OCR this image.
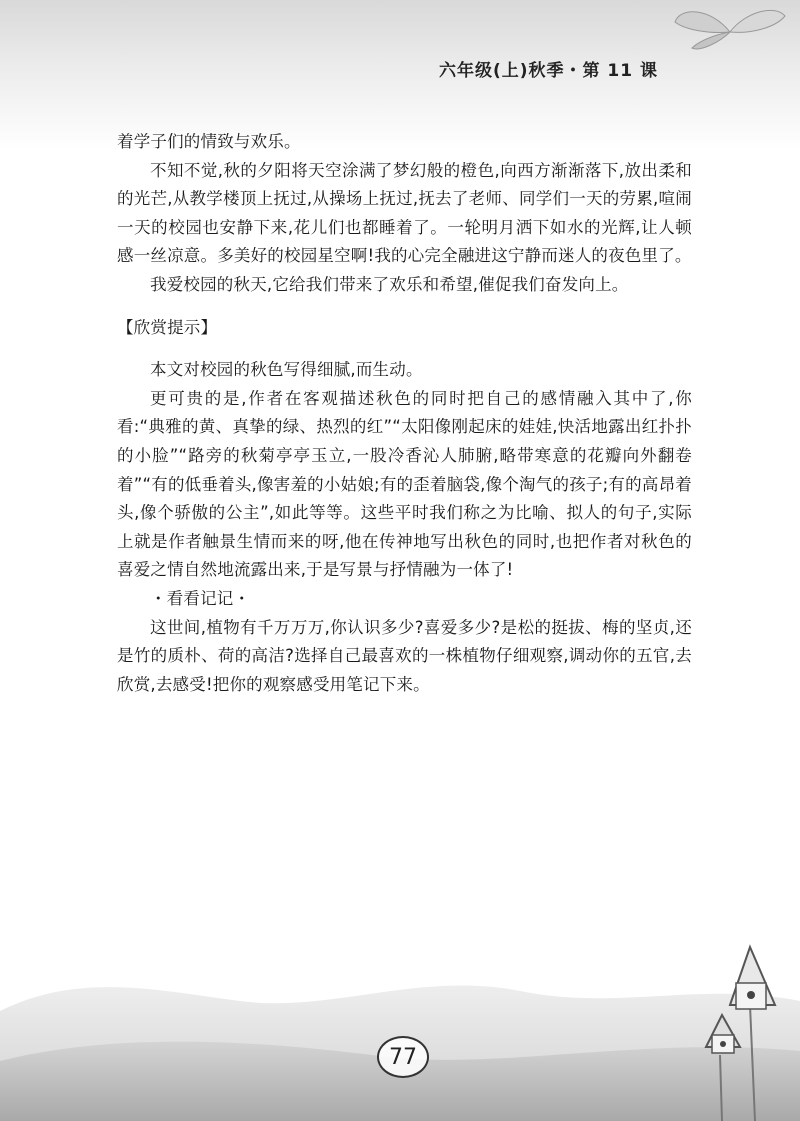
六年级(上)秋季・第 11 课

着学子们的情致与欢乐。

不知不觉,秋的夕阳将天空涂满了梦幻般的橙色,向西方渐渐落下,放出柔和的光芒,从教学楼顶上抚过,从操场上抚过,抚去了老师、同学们一天的劳累,喧闹一天的校园也安静下来,花儿们也都睡着了。一轮明月洒下如水的光辉,让人顿感一丝凉意。多美好的校园星空啊!我的心完全融进这宁静而迷人的夜色里了。

我爱校园的秋天,它给我们带来了欢乐和希望,催促我们奋发向上。

【欣赏提示】

本文对校园的秋色写得细腻,而生动。

更可贵的是,作者在客观描述秋色的同时把自己的感情融入其中了,你看:“典雅的黄、真挚的绿、热烈的红”“太阳像刚起床的娃娃,快活地露出红扑扑的小脸”“路旁的秋菊亭亭玉立,一股冷香沁人肺腑,略带寒意的花瓣向外翻卷着”“有的低垂着头,像害羞的小姑娘;有的歪着脑袋,像个淘气的孩子;有的高昂着头,像个骄傲的公主”,如此等等。这些平时我们称之为比喻、拟人的句子,实际上就是作者触景生情而来的呀,他在传神地写出秋色的同时,也把作者对秋色的喜爱之情自然地流露出来,于是写景与抒情融为一体了!

・看看记记・

这世间,植物有千万万万,你认识多少?喜爱多少?是松的挺拔、梅的坚贞,还是竹的质朴、荷的高洁?选择自己最喜欢的一株植物仔细观察,调动你的五官,去欣赏,去感受!把你的观察感受用笔记下来。

77
